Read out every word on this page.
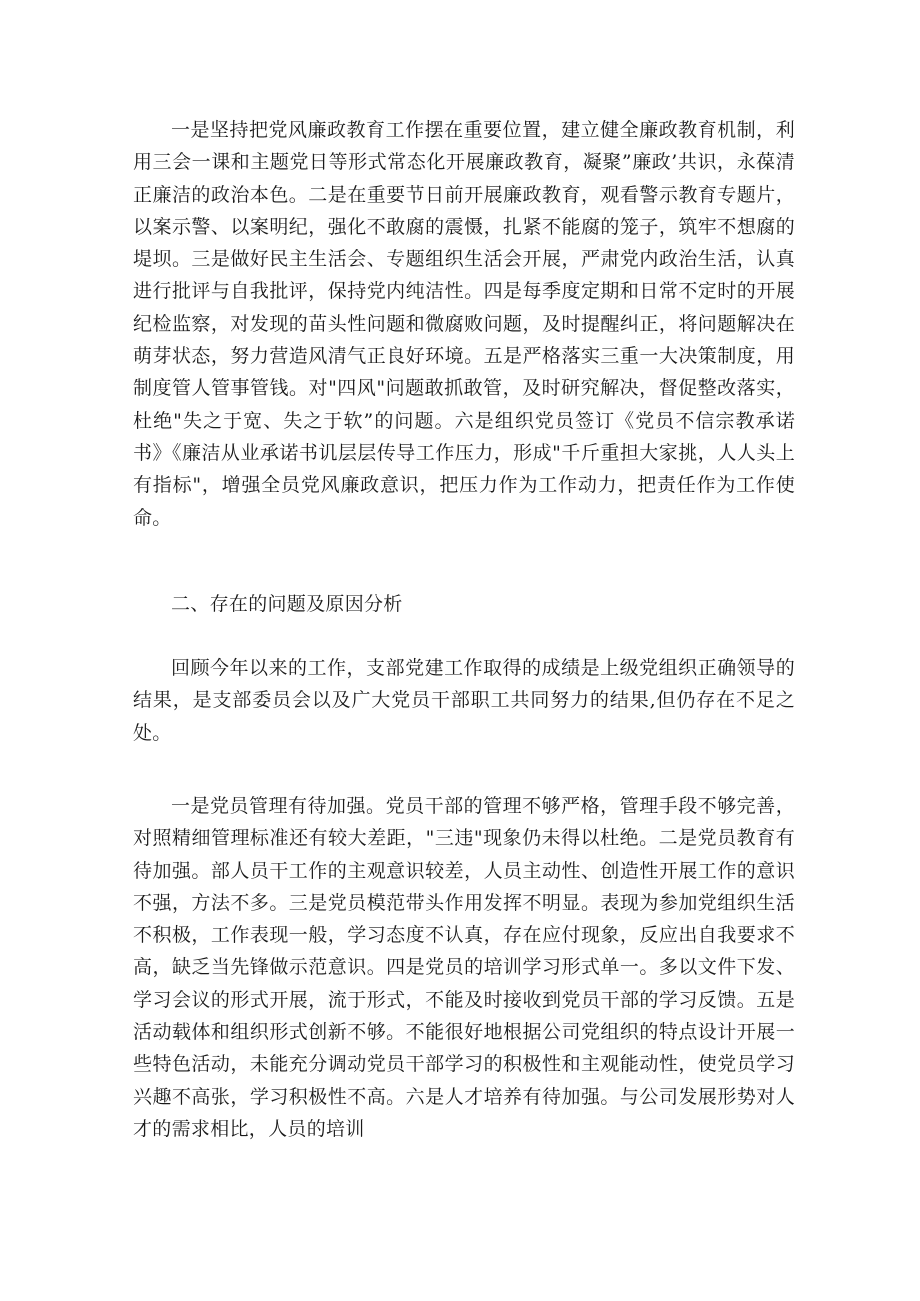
一是坚持把党风廉政教育工作摆在重要位置，建立健全廉政教育机制，利用三会一课和主题党日等形式常态化开展廉政教育，凝聚”廉政’共识，永葆清正廉洁的政治本色。二是在重要节日前开展廉政教育，观看警示教育专题片，以案示警、以案明纪，强化不敢腐的震慑，扎紧不能腐的笼子，筑牢不想腐的堤坝。三是做好民主生活会、专题组织生活会开展，严肃党内政治生活，认真进行批评与自我批评，保持党内纯洁性。四是每季度定期和日常不定时的开展纪检监察，对发现的苗头性问题和微腐败问题，及时提醒纠正，将问题解决在萌芽状态，努力营造风清气正良好环境。五是严格落实三重一大决策制度，用制度管人管事管钱。对"四风"问题敢抓敢管，及时研究解决，督促整改落实，杜绝"失之于宽、失之于软”的问题。六是组织党员签订《党员不信宗教承诺书》《廉洁从业承诺书讥层层传导工作压力，形成"千斤重担大家挑，人人头上有指标"，增强全员党风廉政意识，把压力作为工作动力，把责任作为工作使命。

二、存在的问题及原因分析

回顾今年以来的工作，支部党建工作取得的成绩是上级党组织正确领导的结果，是支部委员会以及广大党员干部职工共同努力的结果,但仍存在不足之处。

一是党员管理有待加强。党员干部的管理不够严格，管理手段不够完善，对照精细管理标准还有较大差距，"三违"现象仍未得以杜绝。二是党员教育有待加强。部人员干工作的主观意识较差，人员主动性、创造性开展工作的意识不强，方法不多。三是党员模范带头作用发挥不明显。表现为参加党组织生活不积极，工作表现一般，学习态度不认真，存在应付现象，反应出自我要求不高，缺乏当先锋做示范意识。四是党员的培训学习形式单一。多以文件下发、学习会议的形式开展，流于形式，不能及时接收到党员干部的学习反馈。五是活动载体和组织形式创新不够。不能很好地根据公司党组织的特点设计开展一些特色活动，未能充分调动党员干部学习的积极性和主观能动性，使党员学习兴趣不高张，学习积极性不高。六是人才培养有待加强。与公司发展形势对人才的需求相比，人员的培训
